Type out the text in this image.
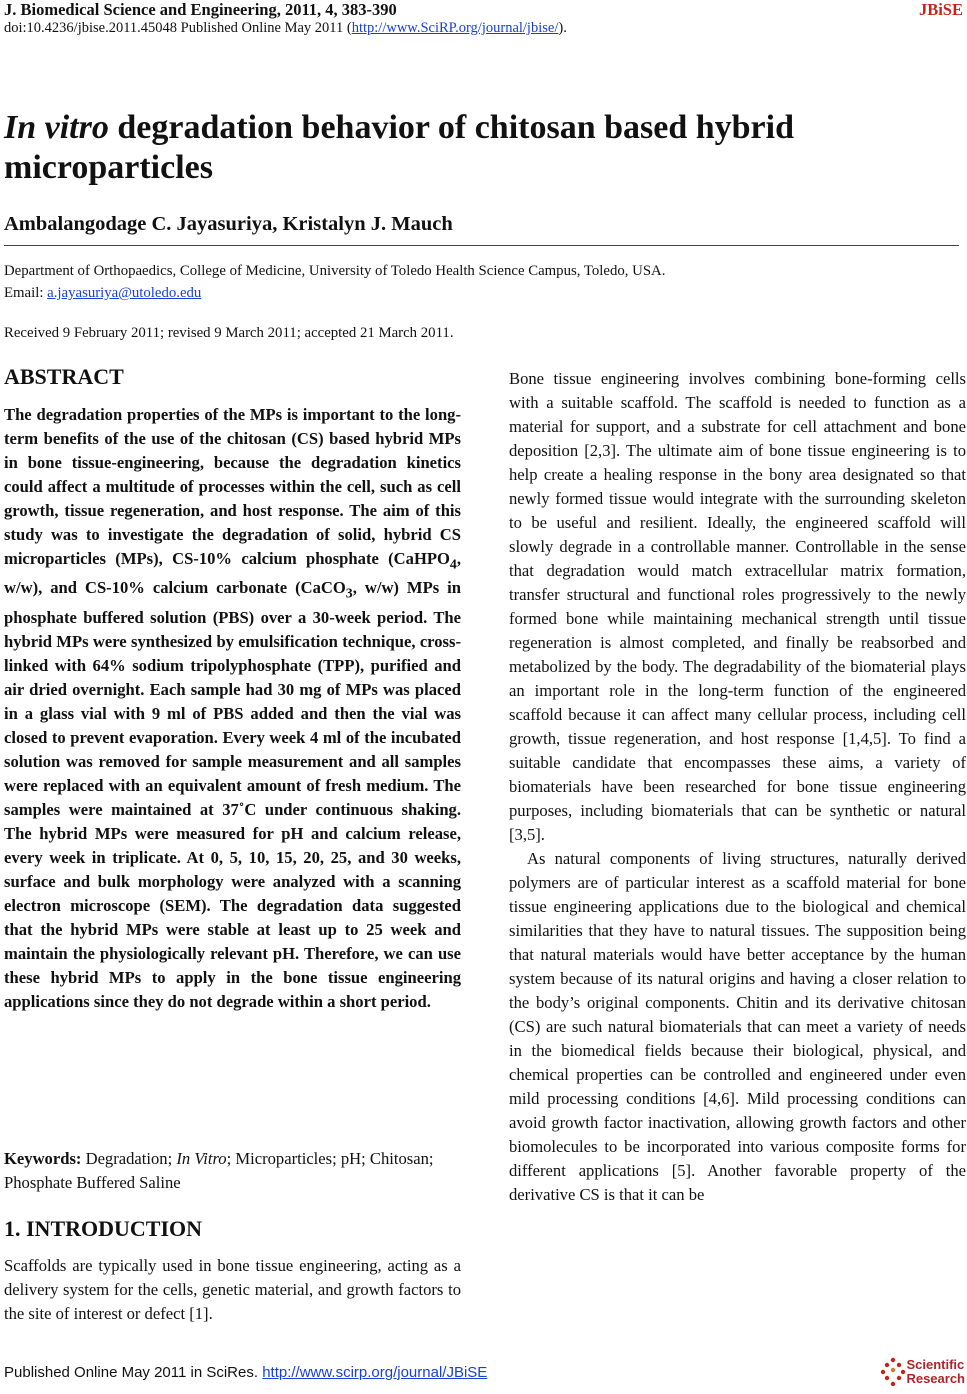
J. Biomedical Science and Engineering, 2011, 4, 383-390	JBiSE
doi:10.4236/jbise.2011.45048 Published Online May 2011 (http://www.SciRP.org/journal/jbise/).
In vitro degradation behavior of chitosan based hybrid microparticles
Ambalangodage C. Jayasuriya, Kristalyn J. Mauch
Department of Orthopaedics, College of Medicine, University of Toledo Health Science Campus, Toledo, USA.
Email: a.jayasuriya@utoledo.edu
Received 9 February 2011; revised 9 March 2011; accepted 21 March 2011.
ABSTRACT
The degradation properties of the MPs is important to the long-term benefits of the use of the chitosan (CS) based hybrid MPs in bone tissue-engineering, because the degradation kinetics could affect a multitude of processes within the cell, such as cell growth, tissue regeneration, and host response. The aim of this study was to investigate the degradation of solid, hybrid CS microparticles (MPs), CS-10% calcium phosphate (CaHPO$_4$, w/w), and CS-10% calcium carbonate (CaCO$_3$, w/w) MPs in phosphate buffered solution (PBS) over a 30-week period. The hybrid MPs were synthesized by emulsification technique, cross-linked with 64% sodium tripolyphosphate (TPP), purified and air dried overnight. Each sample had 30 mg of MPs was placed in a glass vial with 9 ml of PBS added and then the vial was closed to prevent evaporation. Every week 4 ml of the incubated solution was removed for sample measurement and all samples were replaced with an equivalent amount of fresh medium. The samples were maintained at 37˚C under continuous shaking. The hybrid MPs were measured for pH and calcium release, every week in triplicate. At 0, 5, 10, 15, 20, 25, and 30 weeks, surface and bulk morphology were analyzed with a scanning electron microscope (SEM). The degradation data suggested that the hybrid MPs were stable at least up to 25 week and maintain the physiologically relevant pH. Therefore, we can use these hybrid MPs to apply in the bone tissue engineering applications since they do not degrade within a short period.
Keywords: Degradation; In Vitro; Microparticles; pH; Chitosan; Phosphate Buffered Saline
1. INTRODUCTION
Scaffolds are typically used in bone tissue engineering, acting as a delivery system for the cells, genetic material, and growth factors to the site of interest or defect [1].

Bone tissue engineering involves combining bone-forming cells with a suitable scaffold. The scaffold is needed to function as a material for support, and a substrate for cell attachment and bone deposition [2,3]. The ultimate aim of bone tissue engineering is to help create a healing response in the bony area designated so that newly formed tissue would integrate with the surrounding skeleton to be useful and resilient. Ideally, the engineered scaffold will slowly degrade in a controllable manner. Controllable in the sense that degradation would match extracellular matrix formation, transfer structural and functional roles progressively to the newly formed bone while maintaining mechanical strength until tissue regeneration is almost completed, and finally be reabsorbed and metabolized by the body. The degradability of the biomaterial plays an important role in the long-term function of the engineered scaffold because it can affect many cellular process, including cell growth, tissue regeneration, and host response [1,4,5]. To find a suitable candidate that encompasses these aims, a variety of biomaterials have been researched for bone tissue engineering purposes, including biomaterials that can be synthetic or natural [3,5].

As natural components of living structures, naturally derived polymers are of particular interest as a scaffold material for bone tissue engineering applications due to the biological and chemical similarities that they have to natural tissues. The supposition being that natural materials would have better acceptance by the human system because of its natural origins and having a closer relation to the body’s original components. Chitin and its derivative chitosan (CS) are such natural biomaterials that can meet a variety of needs in the biomedical fields because their biological, physical, and chemical properties can be controlled and engineered under even mild processing conditions [4,6]. Mild processing conditions can avoid growth factor inactivation, allowing growth factors and other biomolecules to be incorporated into various composite forms for different applications [5]. Another favorable property of the derivative CS is that it can be

Published Online May 2011 in SciRes. http://www.scirp.org/journal/JBiSE	Scientific
Research
